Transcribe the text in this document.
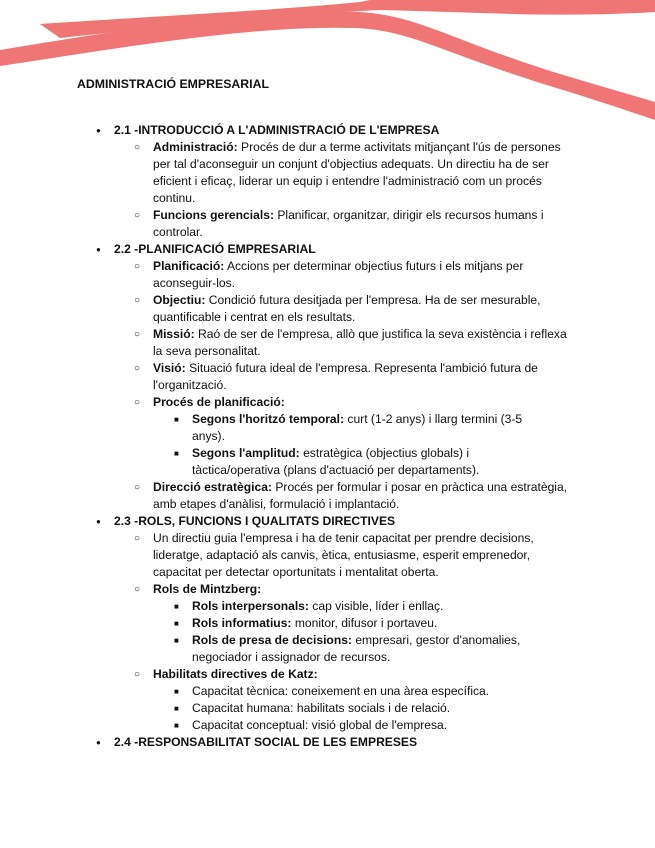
ADMINISTRACIÓ EMPRESARIAL
● 2.1 -INTRODUCCIÓ A L'ADMINISTRACIÓ DE L'EMPRESA
○ Administració: Procés de dur a terme activitats mitjançant l'ús de persones per tal d'aconseguir un conjunt d'objectius adequats. Un directiu ha de ser eficient i eficaç, liderar un equip i entendre l'administració com un procés continu.
○ Funcions gerencials: Planificar, organitzar, dirigir els recursos humans i controlar.
● 2.2 -PLANIFICACIÓ EMPRESARIAL
○ Planificació: Accions per determinar objectius futurs i els mitjans per aconseguir-los.
○ Objectiu: Condició futura desitjada per l'empresa. Ha de ser mesurable, quantificable i centrat en els resultats.
○ Missió: Raó de ser de l'empresa, allò que justifica la seva existència i reflexa la seva personalitat.
○ Visió: Situació futura ideal de l'empresa. Representa l'ambició futura de l'organització.
○ Procés de planificació:
■ Segons l'horitzó temporal: curt (1-2 anys) i llarg termini (3-5 anys).
■ Segons l'amplitud: estratègica (objectius globals) i tàctica/operativa (plans d'actuació per departaments).
○ Direcció estratègica: Procés per formular i posar en pràctica una estratègia, amb etapes d'anàlisi, formulació i implantació.
● 2.3 -ROLS, FUNCIONS I QUALITATS DIRECTIVES
○ Un directiu guia l'empresa i ha de tenir capacitat per prendre decisions, lideratge, adaptació als canvis, ètica, entusiasme, esperit emprenedor, capacitat per detectar oportunitats i mentalitat oberta.
○ Rols de Mintzberg:
■ Rols interpersonals: cap visible, líder i enllaç.
■ Rols informatius: monitor, difusor i portaveu.
■ Rols de presa de decisions: empresari, gestor d'anomalies, negociador i assignador de recursos.
○ Habilitats directives de Katz:
■ Capacitat tècnica: coneixement en una àrea específica.
■ Capacitat humana: habilitats socials i de relació.
■ Capacitat conceptual: visió global de l'empresa.
● 2.4 -RESPONSABILITAT SOCIAL DE LES EMPRESES
